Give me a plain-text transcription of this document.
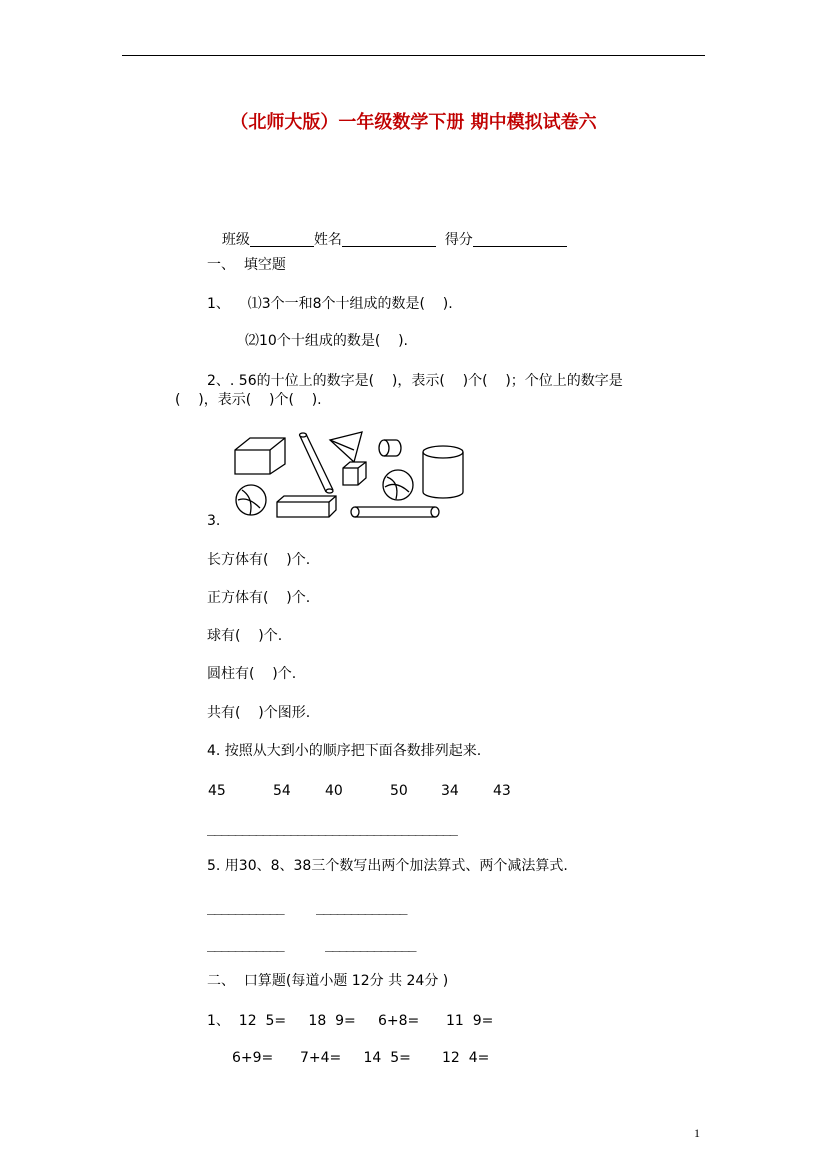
（北师大版）一年级数学下册 期中模拟试卷六

班级	姓名	得分

一、  填空题
1、    ⑴3个一和8个十组成的数是(    ).
⑵10个十组成的数是(    ).
2、. 56的十位上的数字是(    )，表示(    )个(    )；个位上的数字是
(    )，表示(    )个(    ).
3.
长方体有(    )个.
正方体有(    )个.
球有(    )个.
圆柱有(    )个.
共有(    )个图形.
4. 按照从大到小的顺序把下面各数排列起来.

45

	54

40

	50

34

43

____________________________________
5. 用30、8、38三个数写出两个加法算式、两个减法算式.
___________ _____________
___________	_____________
二、  口算题(每道小题 12分 共 24分 )
1、  12  5=     18  9=     6+8=      11  9=
6+9=      7+4=     14  5=       12  4=
1
